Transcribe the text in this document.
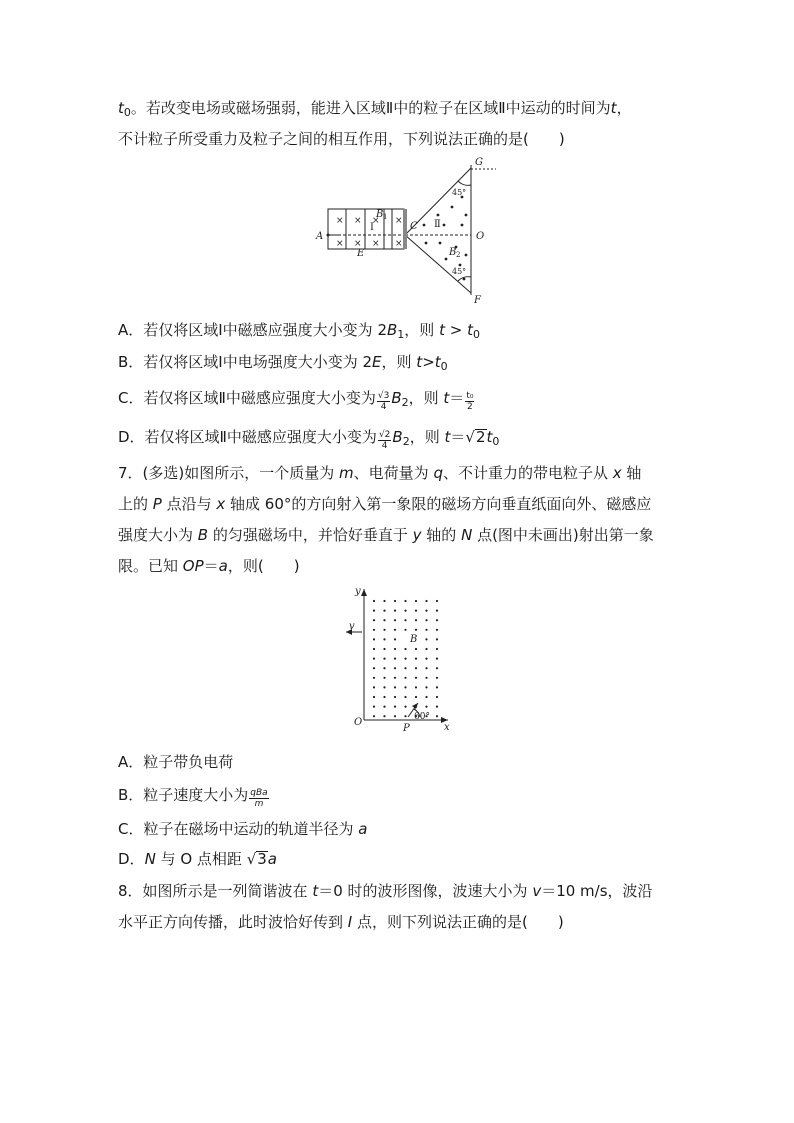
$t_0$。若改变电场或磁场强弱，能进入区域Ⅱ中的粒子在区域Ⅱ中运动的时间为t，
不计粒子所受重力及粒子之间的相互作用，下列说法正确的是(　　)
× × × ×
× × × ×
A
C
O
G
F
E
B
B
1
2
Ⅰ	Ⅱ
45°
45°
A．若仅将区域Ⅰ中磁感应强度大小变为 $2B_1$，则 $t > t_0$
B．若仅将区域Ⅰ中电场强度大小变为 2E，则 $t>t_0$
C．若仅将区域Ⅱ中磁感应强度大小变为 $\frac{√3}{4} B_2$，则 $t= \frac{\text{t₀}}{2}$
D．若仅将区域Ⅱ中磁感应强度大小变为 $\frac{√2}{4} B_2$，则 $t=√2t_0$
7．(多选)如图所示，一个质量为 m、电荷量为 q、不计重力的带电粒子从 x 轴
上的 P 点沿与 x 轴成 60°的方向射入第一象限的磁场方向垂直纸面向外、磁感应
强度大小为 B 的匀强磁场中，并恰好垂直于 y 轴的 N 点(图中未画出)射出第一象
限。已知 OP＝a，则(　　)
y
v
B
O
P	x
60°
A．粒子带负电荷
B．粒子速度大小为 $\frac{\text{qBa}}{m}$
C．粒子在磁场中运动的轨道半径为 a
D．N 与 O 点相距 √3a
8．如图所示是一列简谐波在 t＝0 时的波形图像，波速大小为 v＝10 m/s，波沿
水平正方向传播，此时波恰好传到 I 点，则下列说法正确的是(　　)
